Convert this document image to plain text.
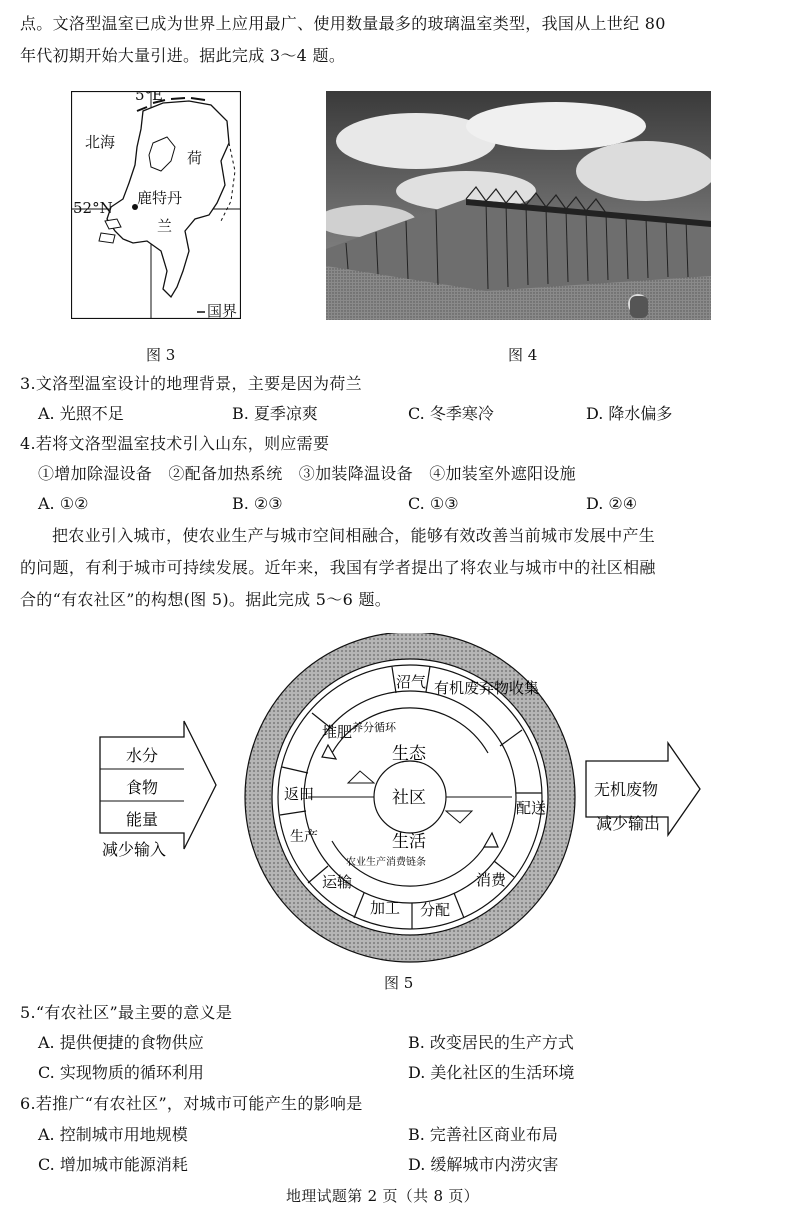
点。文洛型温室已成为世界上应用最广、使用数量最多的玻璃温室类型，我国从上世纪 80
年代初期开始大量引进。据此完成 3～4 题。
5°E
52°N
北海
荷
兰
鹿特丹
国界
图 3	图 4
3.文洛型温室设计的地理背景，主要是因为荷兰
A. 光照不足	B. 夏季凉爽	C. 冬季寒冷	D. 降水偏多
4.若将文洛型温室技术引入山东，则应需要
①增加除湿设备　②配备加热系统　③加装降温设备　④加装室外遮阳设施
A. ①②	B. ②③	C. ①③	D. ②④
把农业引入城市，使农业生产与城市空间相融合，能够有效改善当前城市发展中产生
的问题，有利于城市可持续发展。近年来，我国有学者提出了将农业与城市中的社区相融
合的“有农社区”的构想(图 5)。据此完成 5～6 题。
水分
食物
能量
减少输入
无机废物
减少输出
社区
生态
生活
养分循环
农业生产消费链条
沼气 有机废弃物收集
配送
消费
分配
加工
运输
生产
返田
堆肥
图 5
5.“有农社区”最主要的意义是
A. 提供便捷的食物供应	B. 改变居民的生产方式
C. 实现物质的循环利用	D. 美化社区的生活环境
6.若推广“有农社区”，对城市可能产生的影响是
A. 控制城市用地规模	B. 完善社区商业布局
C. 增加城市能源消耗	D. 缓解城市内涝灾害
地理试题第 2 页（共 8 页）
